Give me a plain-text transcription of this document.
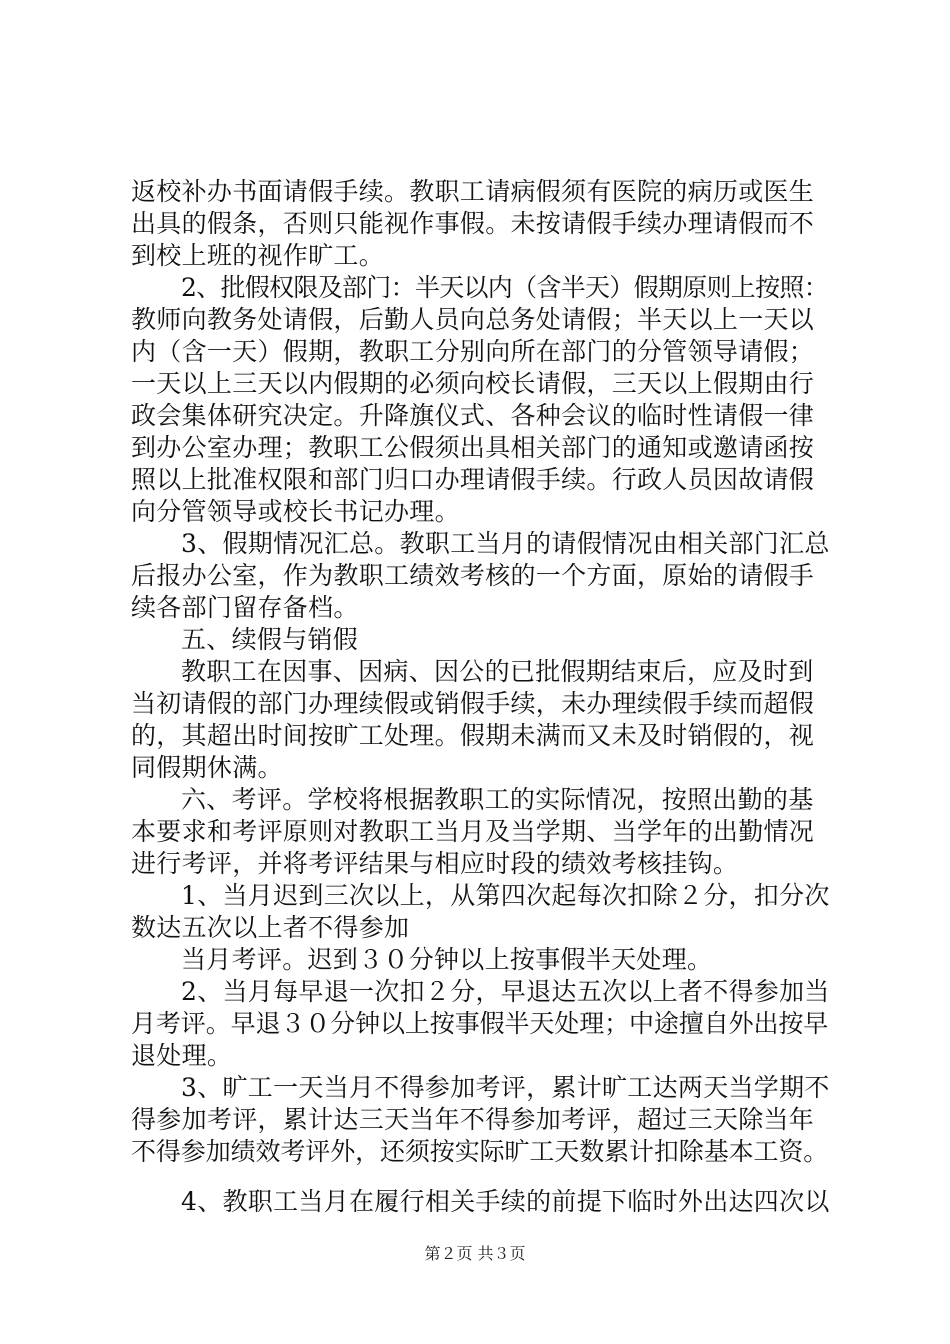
返校补办书面请假手续。教职工请病假须有医院的病历或医生
出具的假条，否则只能视作事假。未按请假手续办理请假而不
到校上班的视作旷工。
2、批假权限及部门：半天以内（含半天）假期原则上按照：
教师向教务处请假，后勤人员向总务处请假；半天以上一天以
内（含一天）假期，教职工分别向所在部门的分管领导请假；
一天以上三天以内假期的必须向校长请假，三天以上假期由行
政会集体研究决定。升降旗仪式、各种会议的临时性请假一律
到办公室办理；教职工公假须出具相关部门的通知或邀请函按
照以上批准权限和部门归口办理请假手续。行政人员因故请假
向分管领导或校长书记办理。
3、假期情况汇总。教职工当月的请假情况由相关部门汇总
后报办公室，作为教职工绩效考核的一个方面，原始的请假手
续各部门留存备档。
五、续假与销假
教职工在因事、因病、因公的已批假期结束后，应及时到
当初请假的部门办理续假或销假手续，未办理续假手续而超假
的，其超出时间按旷工处理。假期未满而又未及时销假的，视
同假期休满。
六、考评。学校将根据教职工的实际情况，按照出勤的基
本要求和考评原则对教职工当月及当学期、当学年的出勤情况
进行考评，并将考评结果与相应时段的绩效考核挂钩。
1、当月迟到三次以上，从第四次起每次扣除２分，扣分次
数达五次以上者不得参加
当月考评。迟到３０分钟以上按事假半天处理。
2、当月每早退一次扣２分，早退达五次以上者不得参加当
月考评。早退３０分钟以上按事假半天处理；中途擅自外出按早
退处理。
3、旷工一天当月不得参加考评，累计旷工达两天当学期不
得参加考评，累计达三天当年不得参加考评，超过三天除当年
不得参加绩效考评外，还须按实际旷工天数累计扣除基本工资。
4、教职工当月在履行相关手续的前提下临时外出达四次以
第２页 共３页
